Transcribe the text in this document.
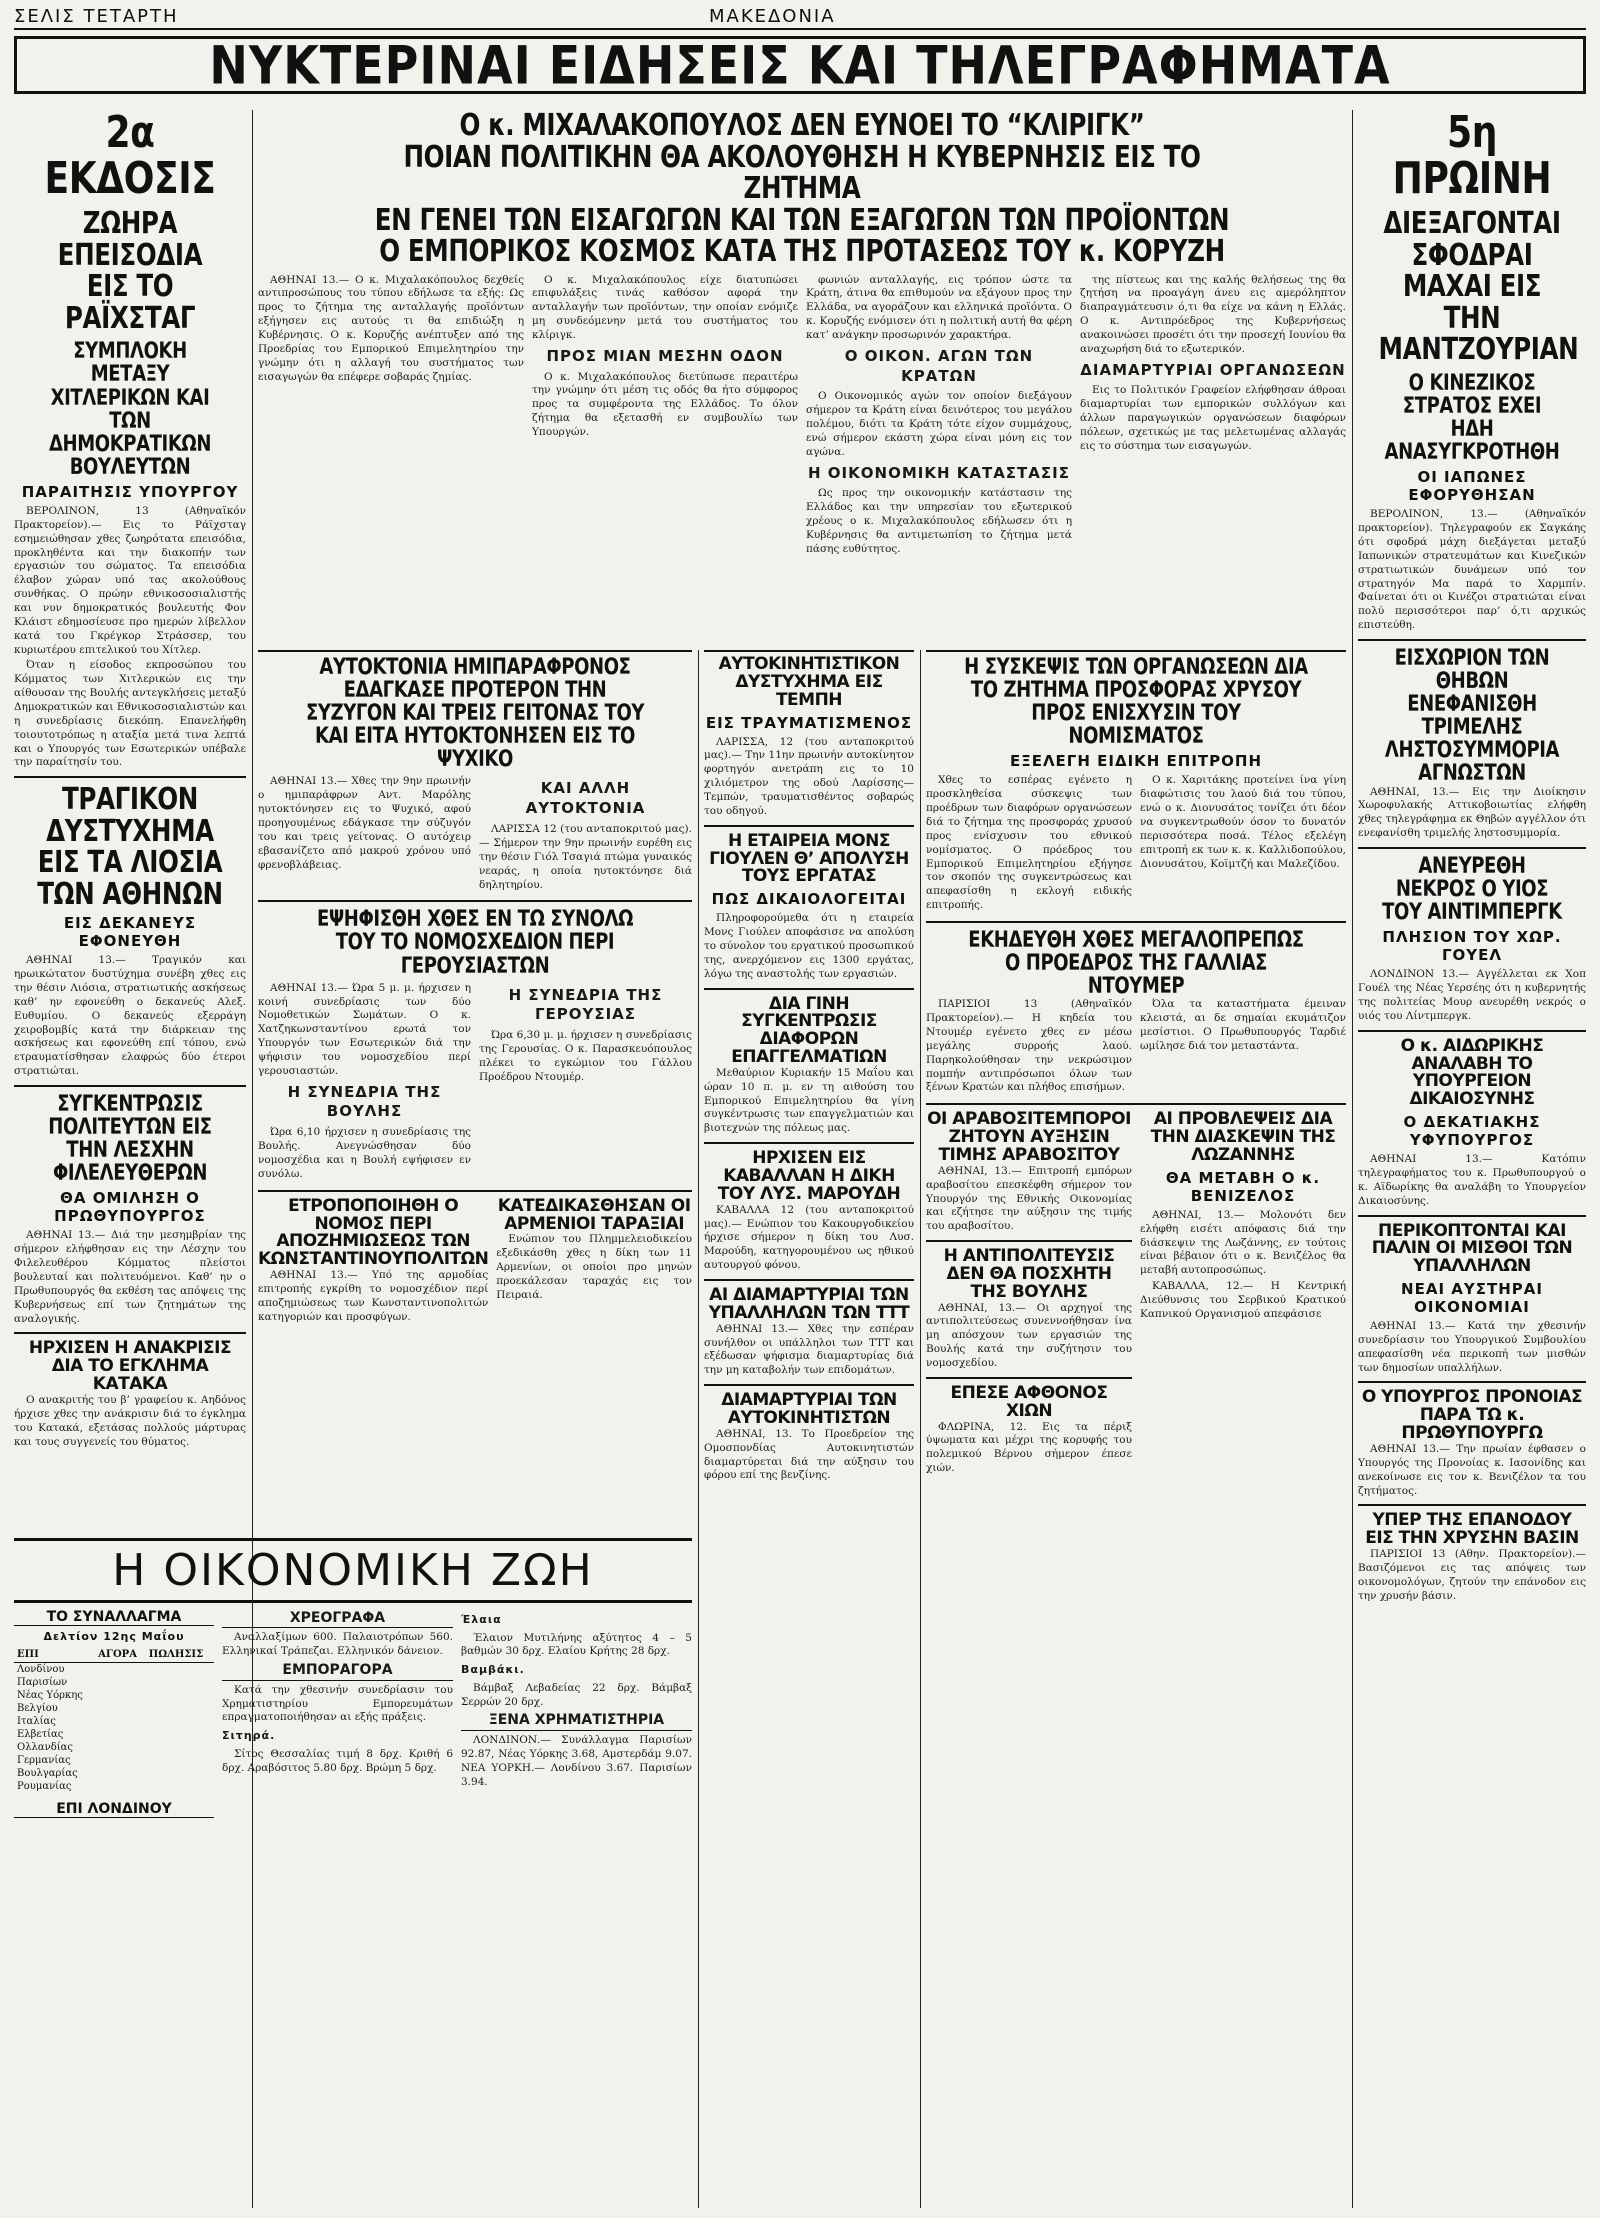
ΣΕΛΙΣ ΤΕΤΑΡΤΗ	ΜΑΚΕΔΟΝΙΑ
ΝΥΚΤΕΡΙΝΑΙ ΕΙΔΗΣΕΙΣ ΚΑΙ ΤΗΛΕΓΡΑΦΗΜΑΤΑ
2α ΕΚΔΟΣΙΣ
ΖΩΗΡΑ ΕΠΕΙΣΟΔΙΑ ΕΙΣ ΤΟ ΡΑΪΧΣΤΑΓ
ΣΥΜΠΛΟΚΗ ΜΕΤΑΞΥ ΧΙΤΛΕΡΙΚΩΝ ΚΑΙ ΤΩΝ ΔΗΜΟΚΡΑΤΙΚΩΝ ΒΟΥΛΕΥΤΩΝ
ΠΑΡΑΙΤΗΣΙΣ ΥΠΟΥΡΓΟΥ

ΒΕΡΟΛΙΝΟΝ, 13 (Αθηναϊκόν Πρακτορείον).— Εις το Ράϊχσταγ εσημειώθησαν χθες ζωηρότατα επεισόδια, προκληθέντα και την διακοπήν των εργασιών του σώματος. Τα επεισόδια έλαβον χώραν υπό τας ακολούθους συνθήκας. Ο πρώην εθνικοσοσιαλιστής και νυν δημοκρατικός βουλευτής Φον Κλάιστ εδημοσίευσε προ ημερών λίβελλον κατά του Γκρέγκορ Στράσσερ, του κυριωτέρου επιτελικού του Χίτλερ.

Όταν η είσοδος εκπροσώπου του Κόμματος των Χιτλερικών εις την αίθουσαν της Βουλής αντεγκλήσεις μεταξύ Δημοκρατικών και Εθνικοσοσιαλιστών και η συνεδρίασις διεκόπη. Επανελήφθη τοιουτοτρόπως η αταξία μετά τινα λεπτά και ο Υπουργός των Εσωτερικών υπέβαλε την παραίτησίν του.

ΤΡΑΓΙΚΟΝ ΔΥΣΤΥΧΗΜΑ ΕΙΣ ΤΑ ΛΙΟΣΙΑ ΤΩΝ ΑΘΗΝΩΝ
ΕΙΣ ΔΕΚΑΝΕΥΣ ΕΦΟΝΕΥΘΗ

ΑΘΗΝΑΙ 13.— Τραγικόν και ηρωικώτατον δυστύχημα συνέβη χθες εις την θέσιν Λιόσια, στρατιωτικής ασκήσεως καθ’ ην εφονεύθη ο δεκανεύς Αλεξ. Ευθυμίου. Ο δεκανεύς εξερράγη χειροβομβίς κατά την διάρκειαν της ασκήσεως και εφονεύθη επί τόπου, ενώ ετραυματίσθησαν ελαφρώς δύο έτεροι στρατιώται.

ΣΥΓΚΕΝΤΡΩΣΙΣ ΠΟΛΙΤΕΥΤΩΝ ΕΙΣ ΤΗΝ ΛΕΣΧΗΝ ΦΙΛΕΛΕΥΘΕΡΩΝ
ΘΑ ΟΜΙΛΗΣΗ Ο ΠΡΩΘΥΠΟΥΡΓΟΣ

ΑΘΗΝΑΙ 13.— Διά την μεσημβρίαν της σήμερον ελήφθησαν εις την Λέσχην του Φιλελευθέρου Κόμματος πλείστοι βουλευταί και πολιτευόμενοι. Καθ’ ην ο Πρωθυπουργός θα εκθέση τας απόψεις της Κυβερνήσεως επί των ζητημάτων της αναλογικής.

ΗΡΧΙΣΕΝ Η ΑΝΑΚΡΙΣΙΣ ΔΙΑ ΤΟ ΕΓΚΛΗΜΑ ΚΑΤΑΚΑ

Ο ανακριτής του β’ γραφείου κ. Αηδόνος ήρχισε χθες την ανάκρισιν διά το έγκλημα του Κατακά, εξετάσας πολλούς μάρτυρας και τους συγγενείς του θύματος.

Ο κ. ΜΙΧΑΛΑΚΟΠΟΥΛΟΣ ΔΕΝ ΕΥΝΟΕΙ ΤΟ “ΚΛΙΡΙΓΚ”
ΠΟΙΑΝ ΠΟΛΙΤΙΚΗΝ ΘΑ ΑΚΟΛΟΥΘΗΣΗ Η ΚΥΒΕΡΝΗΣΙΣ ΕΙΣ ΤΟ ΖΗΤΗΜΑ
ΕΝ ΓΕΝΕΙ ΤΩΝ ΕΙΣΑΓΩΓΩΝ ΚΑΙ ΤΩΝ ΕΞΑΓΩΓΩΝ ΤΩΝ ΠΡΟΪΟΝΤΩΝ
Ο ΕΜΠΟΡΙΚΟΣ ΚΟΣΜΟΣ ΚΑΤΑ ΤΗΣ ΠΡΟΤΑΣΕΩΣ ΤΟΥ κ. ΚΟΡΥΖΗ

ΑΘΗΝΑΙ 13.— Ο κ. Μιχαλακόπουλος δεχθείς αντιπροσώπους του τύπου εδήλωσε τα εξής: Ως προς το ζήτημα της ανταλλαγής προϊόντων εξήγησεν εις αυτούς τι θα επιδιώξη η Κυβέρνησις. Ο κ. Κορυζής ανέπτυξεν από της Προεδρίας του Εμπορικού Επιμελητηρίου την γνώμην ότι η αλλαγή του συστήματος των εισαγωγών θα επέφερε σοβαράς ζημίας.

Ο κ. Μιχαλακόπουλος είχε διατυπώσει επιφυλάξεις τινάς καθόσον αφορά την ανταλλαγήν των προϊόντων, την οποίαν ενόμιζε μη συνδεόμενην μετά του συστήματος του κλίριγκ.

ΠΡΟΣ ΜΙΑΝ ΜΕΣΗΝ ΟΔΟΝ

Ο κ. Μιχαλακόπουλος διετύπωσε περαιτέρω την γνώμην ότι μέση τις οδός θα ήτο σύμφορος προς τα συμφέροντα της Ελλάδος. Το όλον ζήτημα θα εξετασθή εν συμβουλίω των Υπουργών.

φωνιών ανταλλαγής, εις τρόπον ώστε τα Κράτη, άτινα θα επιθυμούν να εξάγουν προς την Ελλάδα, να αγοράζουν και ελληνικά προϊόντα. Ο κ. Κορυζής ενόμισεν ότι η πολιτική αυτή θα φέρη κατ’ ανάγκην προσωρινόν χαρακτήρα.

Ο ΟΙΚΟΝ. ΑΓΩΝ ΤΩΝ ΚΡΑΤΩΝ

Ο Οικονομικός αγών τον οποίον διεξάγουν σήμερον τα Κράτη είναι δεινότερος του μεγάλου πολέμου, διότι τα Κράτη τότε είχον συμμάχους, ενώ σήμερον εκάστη χώρα είναι μόνη εις τον αγώνα.

Η ΟΙΚΟΝΟΜΙΚΗ ΚΑΤΑΣΤΑΣΙΣ

Ως προς την οικονομικήν κατάστασιν της Ελλάδος και την υπηρεσίαν του εξωτερικού χρέους ο κ. Μιχαλακόπουλος εδήλωσεν ότι η Κυβέρνησις θα αντιμετωπίση το ζήτημα μετά πάσης ευθύτητος.

της πίστεως και της καλής θελήσεως της θα ζητήση να προαγάγη άνευ εις αμερόληπτον διαπραγμάτευσιν ό,τι θα είχε να κάνη η Ελλάς. Ο κ. Αντιπρόεδρος της Κυβερνήσεως ανακοινώσει προσέτι ότι την προσεχή Ιουνίου θα αναχωρήση διά το εξωτερικόν.

ΔΙΑΜΑΡΤΥΡΙΑΙ ΟΡΓΑΝΩΣΕΩΝ

Εις το Πολιτικόν Γραφείον ελήφθησαν άθροαι διαμαρτυρίαι των εμπορικών συλλόγων και άλλων παραγωγικών οργανώσεων διαφόρων πόλεων, σχετικώς με τας μελετωμένας αλλαγάς εις το σύστημα των εισαγωγών.

ΑΥΤΟΚΤΟΝΙΑ ΗΜΙΠΑΡΑΦΡΟΝΟΣ
ΕΔΑΓΚΑΣΕ ΠΡΟΤΕΡΟΝ ΤΗΝ ΣΥΖΥΓΟΝ ΚΑΙ ΤΡΕΙΣ ΓΕΙΤΟΝΑΣ ΤΟΥ ΚΑΙ ΕΙΤΑ ΗΥΤΟΚΤΟΝΗΣΕΝ ΕΙΣ ΤΟ ΨΥΧΙΚΟ

ΑΘΗΝΑΙ 13.— Χθες την 9ην πρωινήν ο ημιπαράφρων Αντ. Μαρόλης ηυτοκτόνησεν εις το Ψυχικό, αφού προηγουμένως εδάγκασε την σύζυγόν του και τρεις γείτονας. Ο αυτόχειρ εβασανίζετο από μακρού χρόνου υπό φρενοβλάβειας.

ΚΑΙ ΑΛΛΗ ΑΥΤΟΚΤΟΝΙΑ

ΛΑΡΙΣΣΑ 12 (του ανταποκριτού μας).— Σήμερον την 9ην πρωινήν ευρέθη εις την θέσιν Γιόλ Τσαγιά πτώμα γυναικός νεαράς, η οποία ηυτοκτόνησε διά δηλητηρίου.

ΕΨΗΦΙΣΘΗ ΧΘΕΣ ΕΝ ΤΩ ΣΥΝΟΛΩ ΤΟΥ ΤΟ ΝΟΜΟΣΧΕΔΙΟΝ ΠΕΡΙ ΓΕΡΟΥΣΙΑΣΤΩΝ

ΑΘΗΝΑΙ 13.— Ώρα 5 μ. μ. ήρχισεν η κοινή συνεδρίασις των δύο Νομοθετικών Σωμάτων. Ο κ. Χατζηκωνσταντίνου ερωτά τον Υπουργόν των Εσωτερικών διά την ψήφισιν του νομοσχεδίου περί γερουσιαστών.

Η ΣΥΝΕΔΡΙΑ ΤΗΣ ΒΟΥΛΗΣ

Ώρα 6,10 ήρχισεν η συνεδρίασις της Βουλής. Ανεγνώσθησαν δύο νομοσχέδια και η Βουλή εψήφισεν εν συνόλω.

Η ΣΥΝΕΔΡΙΑ ΤΗΣ ΓΕΡΟΥΣΙΑΣ

Ώρα 6,30 μ. μ. ήρχισεν η συνεδρίασις της Γερουσίας. Ο κ. Παρασκευόπουλος πλέκει το εγκώμιον του Γάλλου Προέδρου Ντουμέρ.

ΕΤΡΟΠΟΠΟΙΗΘΗ Ο ΝΟΜΟΣ ΠΕΡΙ ΑΠΟΖΗΜΙΩΣΕΩΣ ΤΩΝ ΚΩΝΣΤΑΝΤΙΝΟΥΠΟΛΙΤΩΝ

ΑΘΗΝΑΙ 13.— Υπό της αρμοδίας επιτροπής εγκρίθη το νομοσχέδιον περί αποζημιώσεως των Κωνσταντινοπολιτών κατηγοριών και προσφύγων.

ΚΑΤΕΔΙΚΑΣΘΗΣΑΝ ΟΙ ΑΡΜΕΝΙΟΙ ΤΑΡΑΞΙΑΙ

Ενώπιον του Πλημμελειοδικείου εξεδικάσθη χθες η δίκη των 11 Αρμενίων, οι οποίοι προ μηνών προεκάλεσαν ταραχάς εις τον Πειραιά.

ΑΥΤΟΚΙΝΗΤΙΣΤΙΚΟΝ ΔΥΣΤΥΧΗΜΑ ΕΙΣ ΤΕΜΠΗ
ΕΙΣ ΤΡΑΥΜΑΤΙΣΜΕΝΟΣ

ΛΑΡΙΣΣΑ, 12 (του ανταποκριτού μας).— Την 11ην πρωινήν αυτοκίνητον φορτηγόν ανετράπη εις το 10 χιλιόμετρον της οδού Λαρίσσης—Τεμπών, τραυματισθέντος σοβαρώς του οδηγού.

Η ΕΤΑΙΡΕΙΑ ΜΟΝΣ ΓΙΟΥΛΕΝ Θ’ ΑΠΟΛΥΣΗ ΤΟΥΣ ΕΡΓΑΤΑΣ
ΠΩΣ ΔΙΚΑΙΟΛΟΓΕΙΤΑΙ

Πληροφορούμεθα ότι η εταιρεία Μονς Γιούλεν αποφάσισε να απολύση το σύνολον του εργατικού προσωπικού της, ανερχόμενον εις 1300 εργάτας, λόγω της αναστολής των εργασιών.

ΔΙΑ ΓΙΝΗ ΣΥΓΚΕΝΤΡΩΣΙΣ ΔΙΑΦΟΡΩΝ ΕΠΑΓΓΕΛΜΑΤΙΩΝ

Μεθαύριον Κυριακήν 15 Μαΐου και ώραν 10 π. μ. εν τη αιθούση του Εμπορικού Επιμελητηρίου θα γίνη συγκέντρωσις των επαγγελματιών και βιοτεχνών της πόλεως μας.

ΗΡΧΙΣΕΝ ΕΙΣ ΚΑΒΑΛΛΑΝ Η ΔΙΚΗ ΤΟΥ ΛΥΣ. ΜΑΡΟΥΔΗ

ΚΑΒΑΛΛΑ 12 (του ανταποκριτού μας).— Ενώπιον του Κακουργοδικείου ήρχισε σήμερον η δίκη του Λυσ. Μαρούδη, κατηγορουμένου ως ηθικού αυτουργού φόνου.

ΑΙ ΔΙΑΜΑΡΤΥΡΙΑΙ ΤΩΝ ΥΠΑΛΛΗΛΩΝ ΤΩΝ ΤΤΤ

ΑΘΗΝΑΙ 13.— Χθες την εσπέραν συνήλθον οι υπάλληλοι των ΤΤΤ και εξέδωσαν ψήφισμα διαμαρτυρίας διά την μη καταβολήν των επιδομάτων.

ΔΙΑΜΑΡΤΥΡΙΑΙ ΤΩΝ ΑΥΤΟΚΙΝΗΤΙΣΤΩΝ

ΑΘΗΝΑΙ, 13. Το Προεδρείον της Ομοσπονδίας Αυτοκινητιστών διαμαρτύρεται διά την αύξησιν του φόρου επί της βενζίνης.

Η ΣΥΣΚΕΨΙΣ ΤΩΝ ΟΡΓΑΝΩΣΕΩΝ ΔΙΑ ΤΟ ΖΗΤΗΜΑ ΠΡΟΣΦΟΡΑΣ ΧΡΥΣΟΥ ΠΡΟΣ ΕΝΙΣΧΥΣΙΝ ΤΟΥ ΝΟΜΙΣΜΑΤΟΣ
ΕΞΕΛΕΓΗ ΕΙΔΙΚΗ ΕΠΙΤΡΟΠΗ

Χθες το εσπέρας εγένετο η προσκληθείσα σύσκεψις των προέδρων των διαφόρων οργανώσεων διά το ζήτημα της προσφοράς χρυσού προς ενίσχυσιν του εθνικού νομίσματος. Ο πρόεδρος του Εμπορικού Επιμελητηρίου εξήγησε τον σκοπόν της συγκεντρώσεως και απεφασίσθη η εκλογή ειδικής επιτροπής.

Ο κ. Χαριτάκης προτείνει ίνα γίνη διαφώτισις του λαού διά του τύπου, ενώ ο κ. Διονυσάτος τονίζει ότι δέον να συγκεντρωθούν όσον το δυνατόν περισσότερα ποσά. Τέλος εξελέγη επιτροπή εκ των κ. κ. Καλλιδοπούλου, Διονυσάτου, Κοϊμτζή και Μαλεζίδου.

ΕΚΗΔΕΥΘΗ ΧΘΕΣ ΜΕΓΑΛΟΠΡΕΠΩΣ Ο ΠΡΟΕΔΡΟΣ ΤΗΣ ΓΑΛΛΙΑΣ ΝΤΟΥΜΕΡ

ΠΑΡΙΣΙΟΙ 13 (Αθηναϊκόν Πρακτορείον).— Η κηδεία του Ντουμέρ εγένετο χθες εν μέσω μεγάλης συρροής λαού. Παρηκολούθησαν την νεκρώσιμον πομπήν αντιπρόσωποι όλων των ξένων Κρατών και πλήθος επισήμων.

Όλα τα καταστήματα έμειναν κλειστά, αι δε σημαίαι εκυμάτιζον μεσίστιοι. Ο Πρωθυπουργός Ταρδιέ ωμίλησε διά τον μεταστάντα.

ΟΙ ΑΡΑΒΟΣΙΤΕΜΠΟΡΟΙ ΖΗΤΟΥΝ ΑΥΞΗΣΙΝ ΤΙΜΗΣ ΑΡΑΒΟΣΙΤΟΥ

ΑΘΗΝΑΙ, 13.— Επιτροπή εμπόρων αραβοσίτου επεσκέφθη σήμερον τον Υπουργόν της Εθνικής Οικονομίας και εζήτησε την αύξησιν της τιμής του αραβοσίτου.

Η ΑΝΤΙΠΟΛΙΤΕΥΣΙΣ ΔΕΝ ΘΑ ΠΟΣΧΗΤΗ ΤΗΣ ΒΟΥΛΗΣ

ΑΘΗΝΑΙ, 13.— Οι αρχηγοί της αντιπολιτεύσεως συνεννοήθησαν ίνα μη απόσχουν των εργασιών της Βουλής κατά την συζήτησιν του νομοσχεδίου.

ΕΠΕΣΕ ΑΦΘΟΝΟΣ ΧΙΩΝ

ΦΛΩΡΙΝΑ, 12. Εις τα πέριξ ύψωματα και μέχρι της κορυφής του πολεμικού Βέρνου σήμερον έπεσε χιών.

ΑΙ ΠΡΟΒΛΕΨΕΙΣ ΔΙΑ ΤΗΝ ΔΙΑΣΚΕΨΙΝ ΤΗΣ ΛΩΖΑΝΝΗΣ
ΘΑ ΜΕΤΑΒΗ Ο κ. ΒΕΝΙΖΕΛΟΣ

ΑΘΗΝΑΙ, 13.— Μολονότι δεν ελήφθη εισέτι απόφασις διά την διάσκεψιν της Λωζάννης, εν τούτοις είναι βέβαιον ότι ο κ. Βενιζέλος θα μεταβή αυτοπροσώπως.

ΚΑΒΑΛΛΑ, 12.— Η Κεντρική Διεύθυνσις του Σερβικού Κρατικού Καπνικού Οργανισμού απεφάσισε

5η ΠΡΩΙΝΗ
ΔΙΕΞΑΓΟΝΤΑΙ ΣΦΟΔΡΑΙ ΜΑΧΑΙ ΕΙΣ ΤΗΝ ΜΑΝΤΖΟΥΡΙΑΝ
Ο ΚΙΝΕΖΙΚΟΣ ΣΤΡΑΤΟΣ ΕΧΕΙ ΗΔΗ ΑΝΑΣΥΓΚΡΟΤΗΘΗ
ΟΙ ΙΑΠΩΝΕΣ ΕΦΟΡΥΘΗΣΑΝ

ΒΕΡΟΛΙΝΟΝ, 13.— (Αθηναϊκόν πρακτορείον). Τηλεγραφούν εκ Σαγκάης ότι σφοδρά μάχη διεξάγεται μεταξύ Ιαπωνικών στρατευμάτων και Κινεζικών στρατιωτικών δυνάμεων υπό τον στρατηγόν Μα παρά το Χαρμπίν. Φαίνεται ότι οι Κινέζοι στρατιώται είναι πολύ περισσότεροι παρ’ ό,τι αρχικώς επιστεύθη.

ΕΙΣΧΩΡΙΟΝ ΤΩΝ ΘΗΒΩΝ ΕΝΕΦΑΝΙΣΘΗ ΤΡΙΜΕΛΗΣ ΛΗΣΤΟΣΥΜΜΟΡΙΑ ΑΓΝΩΣΤΩΝ

ΑΘΗΝΑΙ, 13.— Εις την Διοίκησιν Χωροφυλακής Αττικοβοιωτίας ελήφθη χθες τηλεγράφημα εκ Θηβών αγγέλλον ότι ενεφανίσθη τριμελής ληστοσυμμορία.

ΑΝΕΥΡΕΘΗ ΝΕΚΡΟΣ Ο ΥΙΟΣ ΤΟΥ ΑΙΝΤΙΜΠΕΡΓΚ
ΠΛΗΣΙΟΝ ΤΟΥ ΧΩΡ. ΓΟΥΕΛ

ΛΟΝΔΙΝΟΝ 13.— Αγγέλλεται εκ Χοπ Γουέλ της Νέας Υερσέης ότι η κυβερνητής της πολιτείας Μουρ ανευρέθη νεκρός ο υιός του Λίντμπεργκ.

Ο κ. ΑΙΔΩΡΙΚΗΣ ΑΝΑΛΑΒΗ ΤΟ ΥΠΟΥΡΓΕΙΟΝ ΔΙΚΑΙΟΣΥΝΗΣ
Ο ΔΕΚΑΤΙΑΚΗΣ ΥΦΥΠΟΥΡΓΟΣ

ΑΘΗΝΑΙ 13.— Κατόπιν τηλεγραφήματος του κ. Πρωθυπουργού ο κ. Αϊδωρίκης θα αναλάβη το Υπουργείον Δικαιοσύνης.

ΠΕΡΙΚΟΠΤΟΝΤΑΙ ΚΑΙ ΠΑΛΙΝ ΟΙ ΜΙΣΘΟΙ ΤΩΝ ΥΠΑΛΛΗΛΩΝ
ΝΕΑΙ ΑΥΣΤΗΡΑΙ ΟΙΚΟΝΟΜΙΑΙ

ΑΘΗΝΑΙ 13.— Κατά την χθεσινήν συνεδρίασιν του Υπουργικού Συμβουλίου απεφασίσθη νέα περικοπή των μισθών των δημοσίων υπαλλήλων.

Ο ΥΠΟΥΡΓΟΣ ΠΡΟΝΟΙΑΣ ΠΑΡΑ ΤΩ κ. ΠΡΩΘΥΠΟΥΡΓΩ

ΑΘΗΝΑΙ 13.— Την πρωίαν έφθασεν ο Υπουργός της Προνοίας κ. Ιασονίδης και ανεκοίνωσε εις τον κ. Βενιζέλον τα του ζητήματος.

ΥΠΕΡ ΤΗΣ ΕΠΑΝΟΔΟΥ ΕΙΣ ΤΗΝ ΧΡΥΣΗΝ ΒΑΣΙΝ

ΠΑΡΙΣΙΟΙ 13 (Αθην. Πρακτορείον).— Βασιζόμενοι εις τας απόψεις των οικονομολόγων, ζητούν την επάνοδον εις την χρυσήν βάσιν.

Η ΟΙΚΟΝΟΜΙΚΗ ΖΩΗ
ΤΟ ΣΥΝΑΛΛΑΓΜΑ
Δελτίον 12ης Μαΐου
ΕΠΙ	ΑΓΟΡΑ	ΠΩΛΗΣΙΣ
Λονδίνου		
Παρισίων		
Νέας Υόρκης		
Βελγίου		
Ιταλίας		
Ελβετίας		
Ολλανδίας		
Γερμανίας		
Βουλγαρίας		
Ρουμανίας		
ΕΠΙ ΛΟΝΔΙΝΟΥ
ΧΡΕΟΓΡΑΦΑ

Αναλλαξίμων 600. Παλαιοτρόπων 560. Ελληνικαί Τράπεζαι. Ελληνικόν δάνειον.

ΕΜΠΟΡΑΓΟΡΑ

Κατά την χθεσινήν συνεδρίασιν του Χρηματιστηρίου Εμπορευμάτων επραγματοποιήθησαν αι εξής πράξεις.

Σιτηρά.

Σίτος Θεσσαλίας τιμή 8 δρχ. Κριθή 6 δρχ. Αραβόσιτος 5.80 δρχ. Βρώμη 5 δρχ.

Έλαια

Έλαιον Μυτιλήνης αξύτητος 4 – 5 βαθμών 30 δρχ. Ελαίου Κρήτης 28 δρχ.

Βαμβάκι.

Βάμβαξ Λεβαδείας 22 δρχ. Βάμβαξ Σερρών 20 δρχ.

ΞΕΝΑ ΧΡΗΜΑΤΙΣΤΗΡΙΑ

ΛΟΝΔΙΝΟΝ.— Συνάλλαγμα Παρισίων 92.87, Νέας Υόρκης 3.68, Αμστερδάμ 9.07. ΝΕΑ ΥΟΡΚΗ.— Λονδίνου 3.67. Παρισίων 3.94.
